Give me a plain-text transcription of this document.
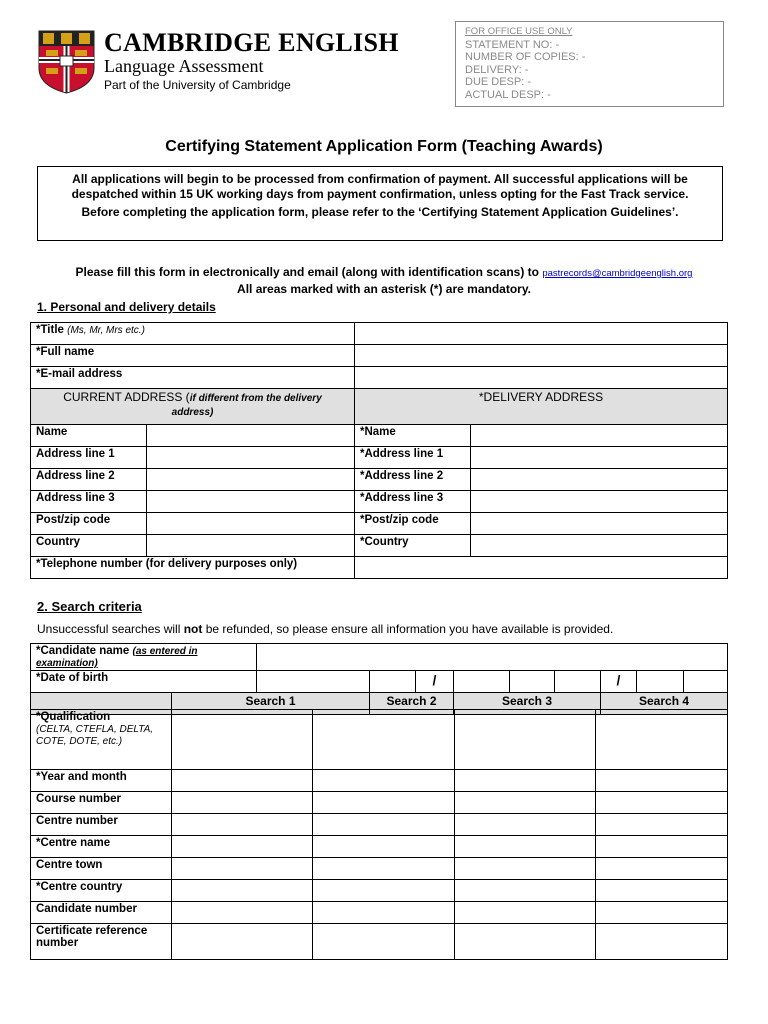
CAMBRIDGE ENGLISH
Language Assessment
Part of the University of Cambridge
FOR OFFICE USE ONLY
STATEMENT NO: -
NUMBER OF COPIES: -
DELIVERY: -
DUE DESP: -
ACTUAL DESP: -
Certifying Statement Application Form (Teaching Awards)
All applications will begin to be processed from confirmation of payment. All successful applications will be despatched within 15 UK working days from payment confirmation, unless opting for the Fast Track service.
Before completing the application form, please refer to the ‘Certifying Statement Application Guidelines’.
Please fill this form in electronically and email (along with identification scans) to pastrecords@cambridgeenglish.org
All areas marked with an asterisk (*) are mandatory.
1. Personal and delivery details
*Title (Ms, Mr, Mrs etc.)			
*Full name			
*E-mail address			
CURRENT ADDRESS (if different from the delivery
address)		*DELIVERY ADDRESS	
Name		*Name	
Address line 1		*Address line 1	
Address line 2		*Address line 2	
Address line 3		*Address line 3	
Post/zip code		*Post/zip code	
Country		*Country	
*Telephone number (for delivery purposes only)			
2. Search criteria
Unsuccessful searches will not be refunded, so please ensure all information you have available is provided.
*Candidate name (as entered in examination)										
*Date of birth				/				/		
	Search 1		Search 2		Search 3			Search 4		
*Qualification
(CELTA, CTEFLA, DELTA, COTE, DOTE, etc.)				
*Year and month				
Course number				
Centre number				
*Centre name				
Centre town				
*Centre country				
Candidate number				
Certificate reference number				
